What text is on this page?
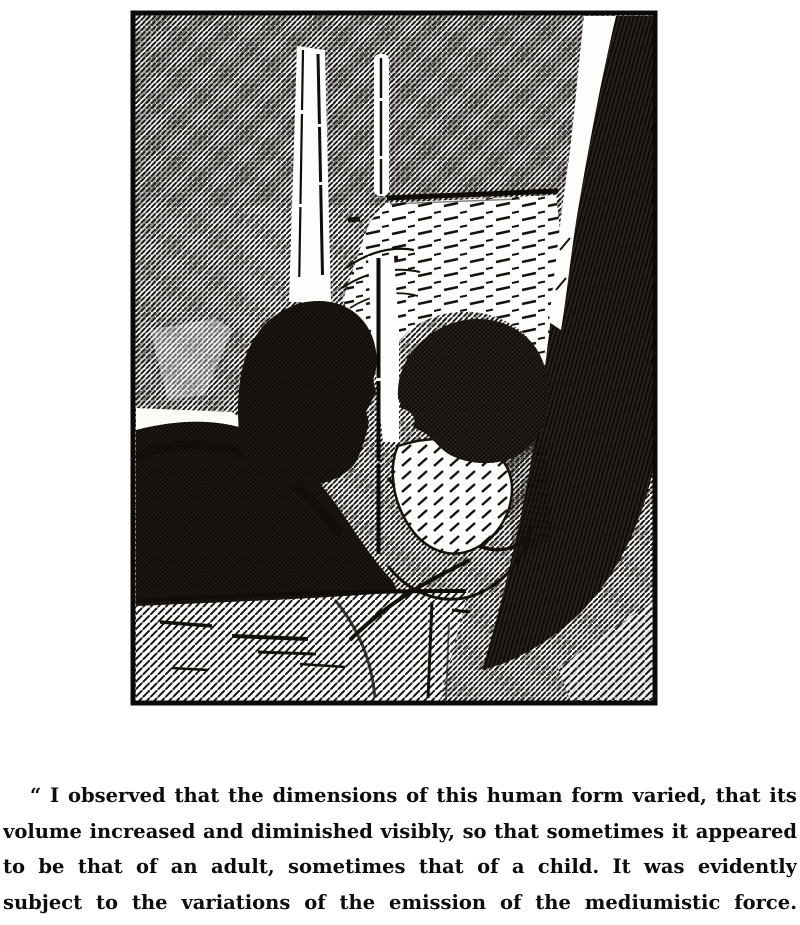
“ I observed that the dimensions of this human form varied, that its
volume increased and diminished visibly, so that sometimes it appeared
to be that of an adult, sometimes that of a child. It was evidently
subject to the variations of the emission of the mediumistic force.
